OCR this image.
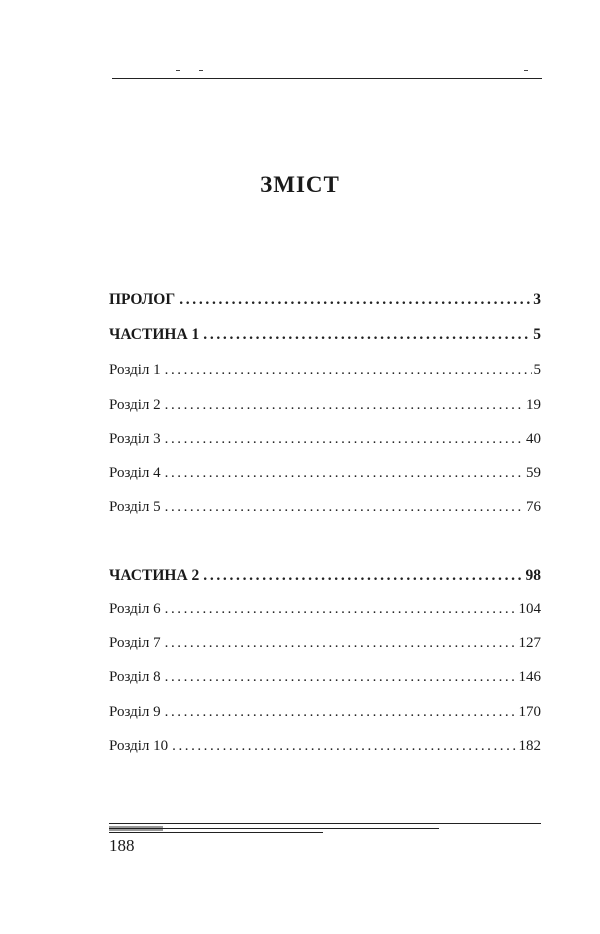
ЗМІСТ
ПРОЛОГ . . .	3
ЧАСТИНА 1 . . .	5
Розділ 1 . . .	5
Розділ 2 . . .	19
Розділ 3 . . .	40
Розділ 4 . . .	59
Розділ 5 . . .	76
ЧАСТИНА 2 . . .	98
Розділ 6 . . .	104
Розділ 7 . . .	127
Розділ 8 . . .	146
Розділ 9 . . .	170
Розділ 10 . . .	182
188
